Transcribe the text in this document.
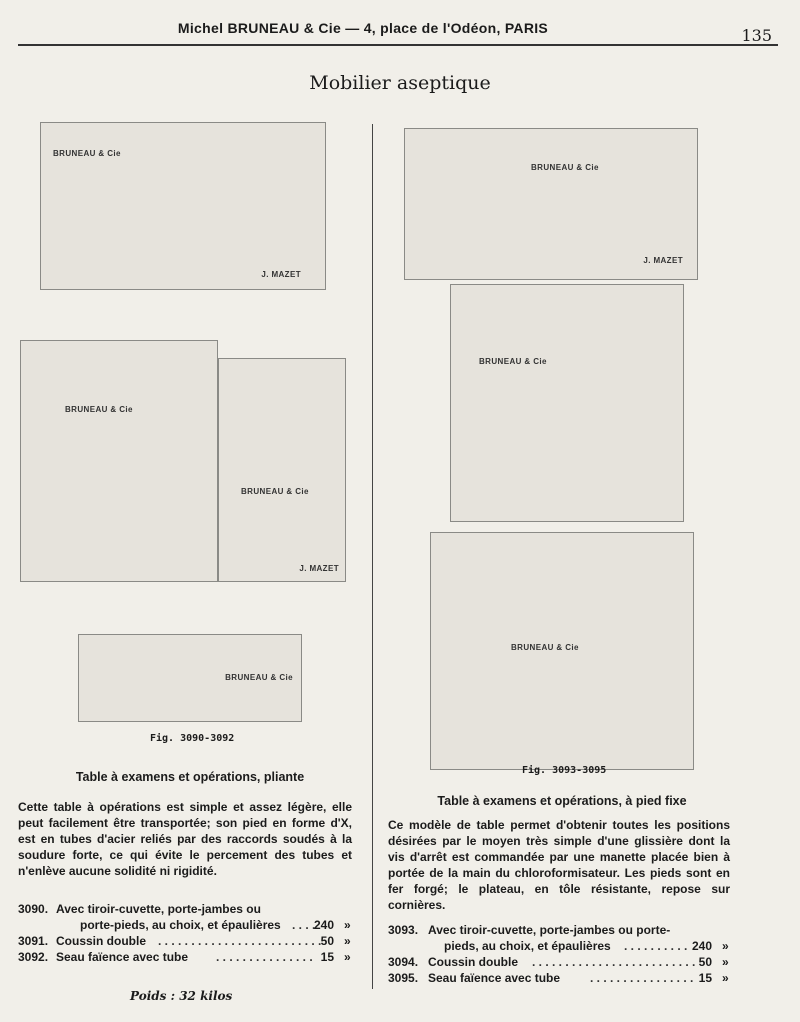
Michel BRUNEAU & Cie — 4, place de l'Odéon, PARIS	135
Mobilier aseptique
BRUNEAU & Cie
J. MAZET
BRUNEAU & Cie
BRUNEAU & Cie
J. MAZET
BRUNEAU & Cie
Fig. 3090-3092
BRUNEAU & Cie
J. MAZET
BRUNEAU & Cie
BRUNEAU & Cie
Fig. 3093-3095
Table à examens et opérations, pliante

Cette table à opérations est simple et assez légère, elle peut facilement être transportée; son pied en forme d'X, est en tubes d'acier reliés par des raccords soudés à la soudure forte, ce qui évite le percement des tubes et n'enlève aucune solidité ni rigidité.

3090. Avec tiroir-cuvette, porte-jambes ou
porte-pieds, au choix, et épaulières . . . .
240 »
3091. Coussin double . . . . . . . . . . . . . . . . . . . . . . . . . 50 »
3092. Seau faïence avec tube . . . . . . . . . . . . . . . 15 »
Poids : 32 kilos
Table à examens et opérations, à pied fixe

Ce modèle de table permet d'obtenir toutes les positions désirées par le moyen très simple d'une glissière dont la vis d'arrêt est commandée par une manette placée bien à portée de la main du chloroformisateur. Les pieds sont en fer forgé; le plateau, en tôle résistante, repose sur cornières.

3093. Avec tiroir-cuvette, porte-jambes ou porte-
pieds, au choix, et épaulières . . . . . . . . . . 240 »
3094. Coussin double . . . . . . . . . . . . . . . . . . . . . . . . . 50 »
3095. Seau faïence avec tube . . . . . . . . . . . . . . . . 15 »
